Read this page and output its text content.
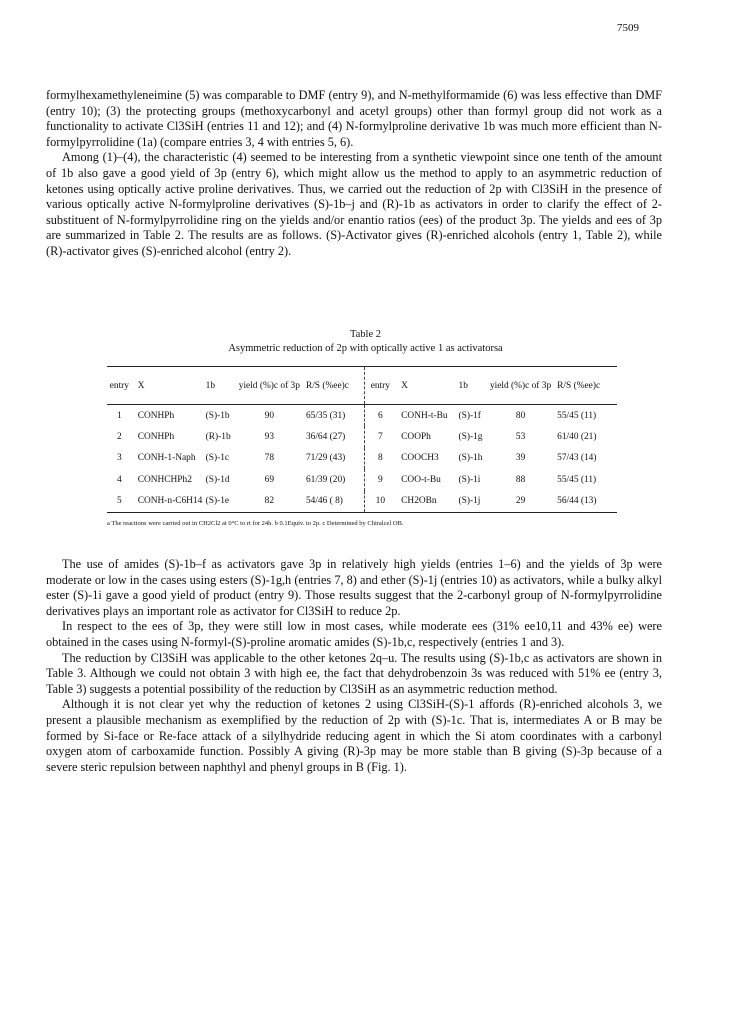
7509

formylhexamethyleneimine (5) was comparable to DMF (entry 9), and N-methylformamide (6) was less effective than DMF (entry 10); (3) the protecting groups (methoxycarbonyl and acetyl groups) other than formyl group did not work as a functionality to activate Cl3SiH (entries 11 and 12); and (4) N-formylproline derivative 1b was much more efficient than N-formylpyrrolidine (1a) (compare entries 3, 4 with entries 5, 6).

Among (1)–(4), the characteristic (4) seemed to be interesting from a synthetic viewpoint since one tenth of the amount of 1b also gave a good yield of 3p (entry 6), which might allow us the method to apply to an asymmetric reduction of ketones using optically active proline derivatives. Thus, we carried out the reduction of 2p with Cl3SiH in the presence of various optically active N-formylproline derivatives (S)-1b–j and (R)-1b as activators in order to clarify the effect of 2-substituent of N-formylpyrrolidine ring on the yields and/or enantio ratios (ees) of the product 3p. The yields and ees of 3p are summarized in Table 2. The results are as follows. (S)-Activator gives (R)-enriched alcohols (entry 1, Table 2), while (R)-activator gives (S)-enriched alcohol (entry 2).

Table 2
Asymmetric reduction of 2p with optically active 1 as activatorsa
entry	X	1b	yield (%)c of 3p	R/S (%ee)c	entry	X	1b	yield (%)c of 3p	R/S (%ee)c
1	CONHPh	(S)-1b	90	65/35 (31)	6	CONH-t-Bu	(S)-1f	80	55/45 (11)
2	CONHPh	(R)-1b	93	36/64 (27)	7	COOPh	(S)-1g	53	61/40 (21)
3	CONH-1-Naph	(S)-1c	78	71/29 (43)	8	COOCH3	(S)-1h	39	57/43 (14)
4	CONHCHPh2	(S)-1d	69	61/39 (20)	9	COO-t-Bu	(S)-1i	88	55/45 (11)
5	CONH-n-C6H14	(S)-1e	82	54/46 ( 8)	10	CH2OBn	(S)-1j	29	56/44 (13)
a The reactions were carried out in CH2Cl2 at 0°C to rt for 24h. b 0.1Equiv. to 2p. c Determined by Chiralcel OB.

The use of amides (S)-1b–f as activators gave 3p in relatively high yields (entries 1–6) and the yields of 3p were moderate or low in the cases using esters (S)-1g,h (entries 7, 8) and ether (S)-1j (entries 10) as activators, while a bulky alkyl ester (S)-1i gave a good yield of product (entry 9). Those results suggest that the 2-carbonyl group of N-formylpyrrolidine derivatives plays an important role as activator for Cl3SiH to reduce 2p.

In respect to the ees of 3p, they were still low in most cases, while moderate ees (31% ee10,11 and 43% ee) were obtained in the cases using N-formyl-(S)-proline aromatic amides (S)-1b,c, respectively (entries 1 and 3).

The reduction by Cl3SiH was applicable to the other ketones 2q–u. The results using (S)-1b,c as activators are shown in Table 3. Although we could not obtain 3 with high ee, the fact that dehydrobenzoin 3s was reduced with 51% ee (entry 3, Table 3) suggests a potential possibility of the reduction by Cl3SiH as an asymmetric reduction method.

Although it is not clear yet why the reduction of ketones 2 using Cl3SiH-(S)-1 affords (R)-enriched alcohols 3, we present a plausible mechanism as exemplified by the reduction of 2p with (S)-1c. That is, intermediates A or B may be formed by Si-face or Re-face attack of a silylhydride reducing agent in which the Si atom coordinates with a carbonyl oxygen atom of carboxamide function. Possibly A giving (R)-3p may be more stable than B giving (S)-3p because of a severe steric repulsion between naphthyl and phenyl groups in B (Fig. 1).
